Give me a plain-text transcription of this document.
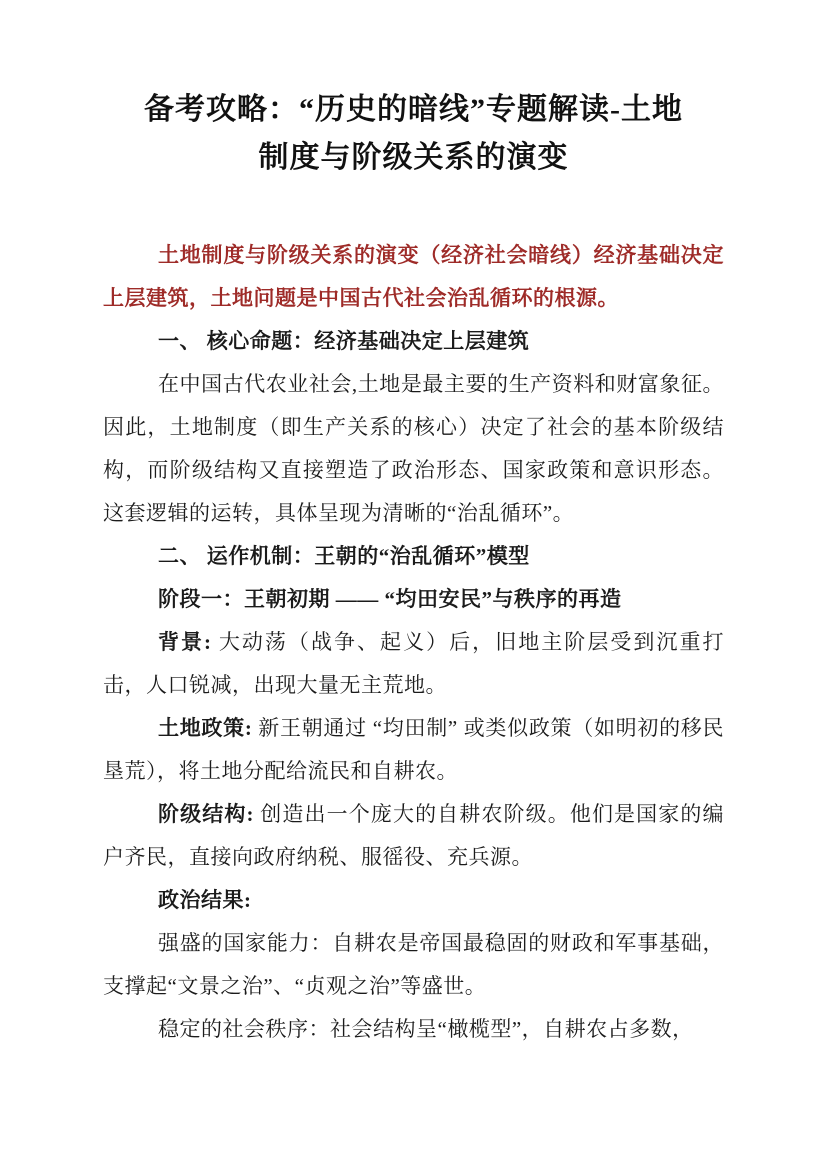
备考攻略：“历史的暗线”专题解读-土地
制度与阶级关系的演变

土地制度与阶级关系的演变（经济社会暗线）经济基础决定上层建筑，土地问题是中国古代社会治乱循环的根源。

一、 核心命题：经济基础决定上层建筑

在中国古代农业社会,土地是最主要的生产资料和财富象征。因此，土地制度（即生产关系的核心）决定了社会的基本阶级结构，而阶级结构又直接塑造了政治形态、国家政策和意识形态。这套逻辑的运转，具体呈现为清晰的“治乱循环”。

二、 运作机制：王朝的“治乱循环”模型

阶段一：王朝初期 —— “均田安民”与秩序的再造

背景: 大动荡（战争、起义）后，旧地主阶层受到沉重打击，人口锐减，出现大量无主荒地。

土地政策: 新王朝通过 “均田制” 或类似政策（如明初的移民垦荒），将土地分配给流民和自耕农。

阶级结构: 创造出一个庞大的自耕农阶级。他们是国家的编户齐民，直接向政府纳税、服徭役、充兵源。

政治结果:

强盛的国家能力：自耕农是帝国最稳固的财政和军事基础，支撑起“文景之治”、“贞观之治”等盛世。

稳定的社会秩序：社会结构呈“橄榄型”，自耕农占多数，
